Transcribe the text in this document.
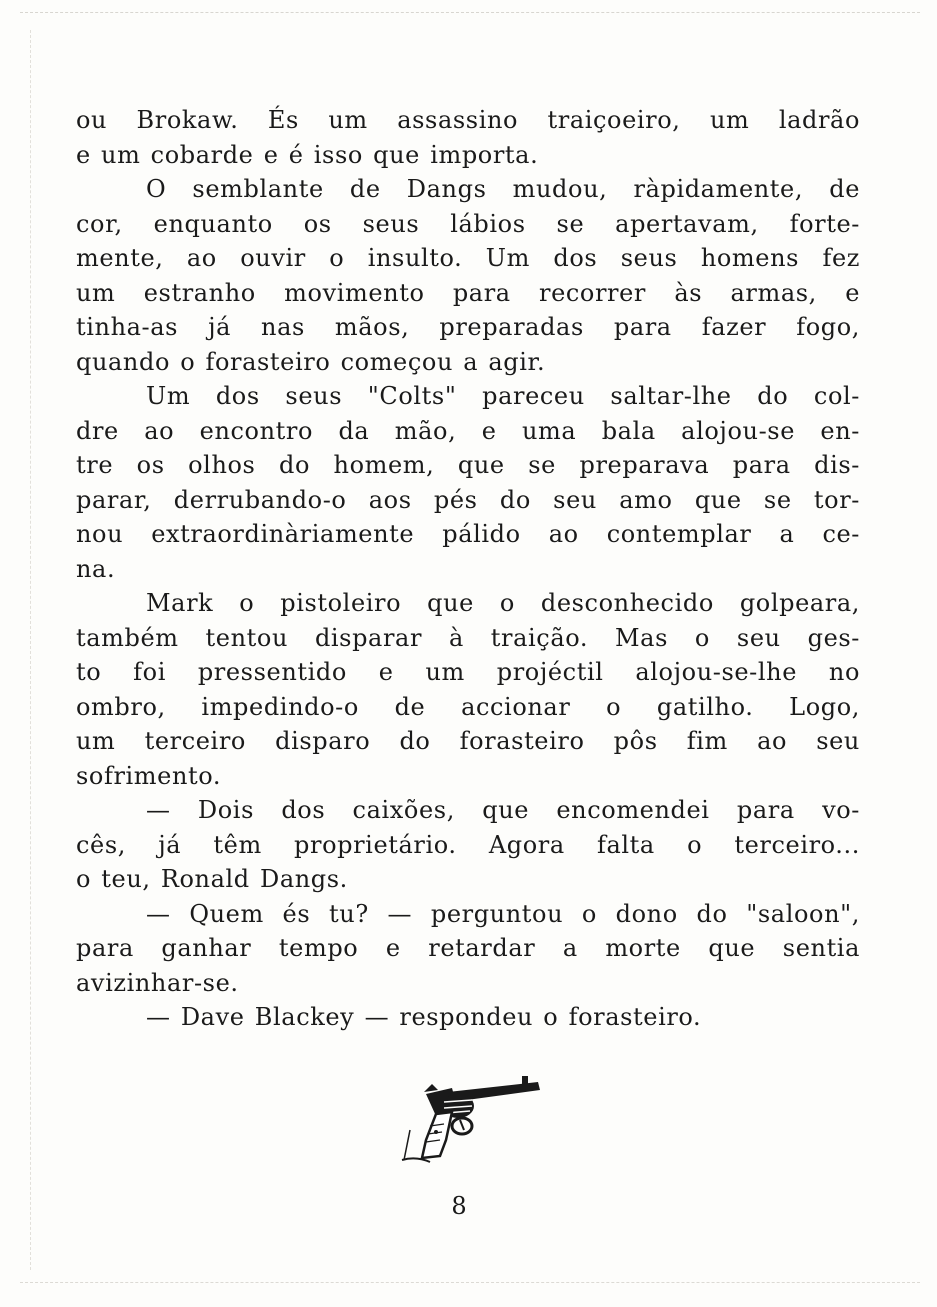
ou Brokaw. És um assassino traiçoeiro, um ladrão
e um cobarde e é isso que importa.
O semblante de Dangs mudou, ràpidamente, de
cor, enquanto os seus lábios se apertavam, forte-
mente, ao ouvir o insulto. Um dos seus homens fez
um estranho movimento para recorrer às armas, e
tinha-as já nas mãos, preparadas para fazer fogo,
quando o forasteiro começou a agir.
Um dos seus "Colts" pareceu saltar-lhe do col-
dre ao encontro da mão, e uma bala alojou-se en-
tre os olhos do homem, que se preparava para dis-
parar, derrubando-o aos pés do seu amo que se tor-
nou extraordinàriamente pálido ao contemplar a ce-
na.
Mark o pistoleiro que o desconhecido golpeara,
também tentou disparar à traição. Mas o seu ges-
to foi pressentido e um projéctil alojou-se-lhe no
ombro, impedindo-o de accionar o gatilho. Logo,
um terceiro disparo do forasteiro pôs fim ao seu
sofrimento.
— Dois dos caixões, que encomendei para vo-
cês, já têm proprietário. Agora falta o terceiro...
o teu, Ronald Dangs.
— Quem és tu? — perguntou o dono do "saloon",
para ganhar tempo e retardar a morte que sentia
avizinhar-se.
— Dave Blackey — respondeu o forasteiro.
8
